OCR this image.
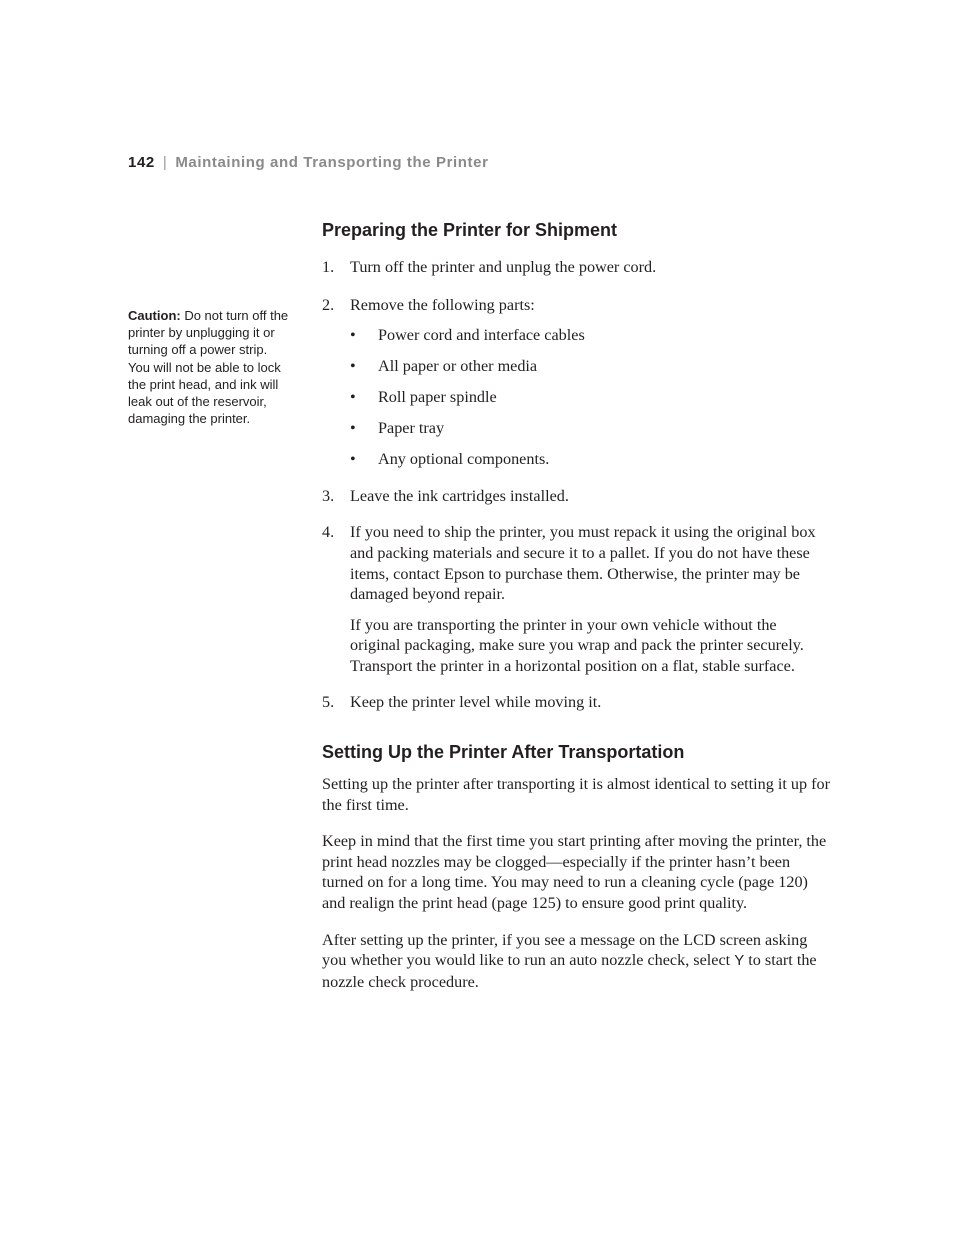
142 | Maintaining and Transporting the Printer
Caution: Do not turn off the printer by unplugging it or turning off a power strip. You will not be able to lock the print head, and ink will leak out of the reservoir, damaging the printer.
Preparing the Printer for Shipment
1. Turn off the printer and unplug the power cord.
2. Remove the following parts:
•	Power cord and interface cables
•	All paper or other media
•	Roll paper spindle
•	Paper tray
•	Any optional components.
3. Leave the ink cartridges installed.
4. If you need to ship the printer, you must repack it using the original box and packing materials and secure it to a pallet. If you do not have these items, contact Epson to purchase them. Otherwise, the printer may be damaged beyond repair.

If you are transporting the printer in your own vehicle without the original packaging, make sure you wrap and pack the printer securely. Transport the printer in a horizontal position on a flat, stable surface.

5. Keep the printer level while moving it.
Setting Up the Printer After Transportation

Setting up the printer after transporting it is almost identical to setting it up for the first time.

Keep in mind that the first time you start printing after moving the printer, the print head nozzles may be clogged—especially if the printer hasn’t been turned on for a long time. You may need to run a cleaning cycle (page 120) and realign the print head (page 125) to ensure good print quality.

After setting up the printer, if you see a message on the LCD screen asking you whether you would like to run an auto nozzle check, select Y to start the nozzle check procedure.
